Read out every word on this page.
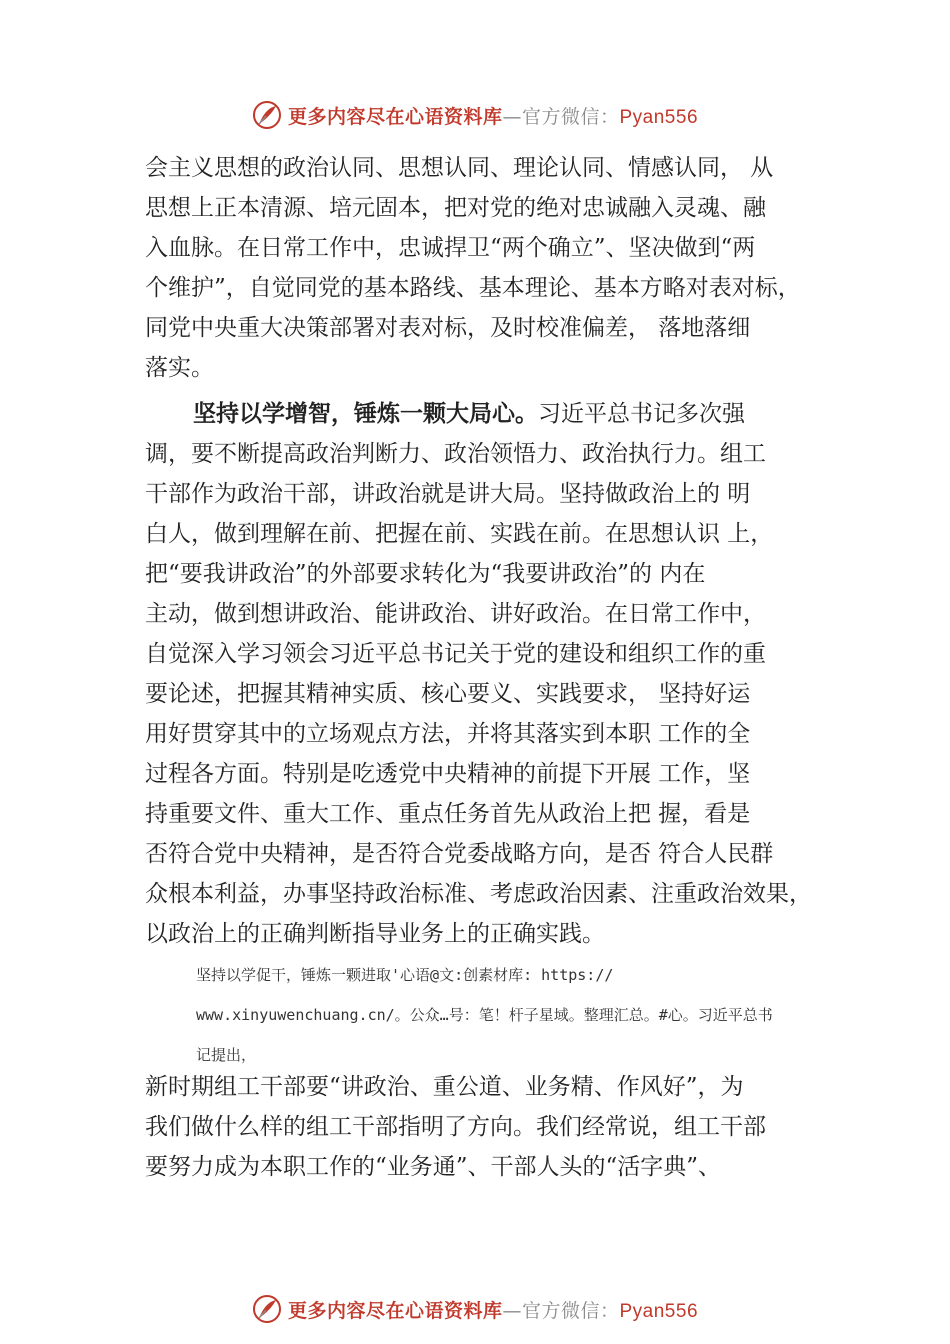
更多内容尽在心语资料库—官方微信：Pyan556
会主义思想的政治认同、思想认同、理论认同、情感认同， 从
思想上正本清源、培元固本，把对党的绝对忠诚融入灵魂、融
入血脉。在日常工作中，忠诚捍卫“两个确立”、坚决做到“两
个维护”，自觉同党的基本路线、基本理论、基本方略对表对标，
同党中央重大决策部署对表对标，及时校准偏差， 落地落细
落实。
坚持以学增智，锤炼一颗大局心。习近平总书记多次强
调，要不断提高政治判断力、政治领悟力、政治执行力。组工
干部作为政治干部，讲政治就是讲大局。坚持做政治上的 明
白人，做到理解在前、把握在前、实践在前。在思想认识 上，
把“要我讲政治”的外部要求转化为“我要讲政治”的 内在
主动，做到想讲政治、能讲政治、讲好政治。在日常工作中，
自觉深入学习领会习近平总书记关于党的建设和组织工作的重
要论述，把握其精神实质、核心要义、实践要求， 坚持好运
用好贯穿其中的立场观点方法，并将其落实到本职 工作的全
过程各方面。特别是吃透党中央精神的前提下开展 工作，坚
持重要文件、重大工作、重点任务首先从政治上把 握，看是
否符合党中央精神，是否符合党委战略方向，是否 符合人民群
众根本利益，办事坚持政治标准、考虑政治因素、注重政治效果，
以政治上的正确判断指导业务上的正确实践。
坚持以学促干，锤炼一颗进取'心语@文:创素材库: https://
www.xinyuwenchuang.cn/。公众…号：笔！杆子星域。整理汇总。#心。习近平总书
记提出，
新时期组工干部要“讲政治、重公道、业务精、作风好”，为
我们做什么样的组工干部指明了方向。我们经常说，组工干部
要努力成为本职工作的“业务通”、干部人头的“活字典”、
更多内容尽在心语资料库—官方微信：Pyan556
